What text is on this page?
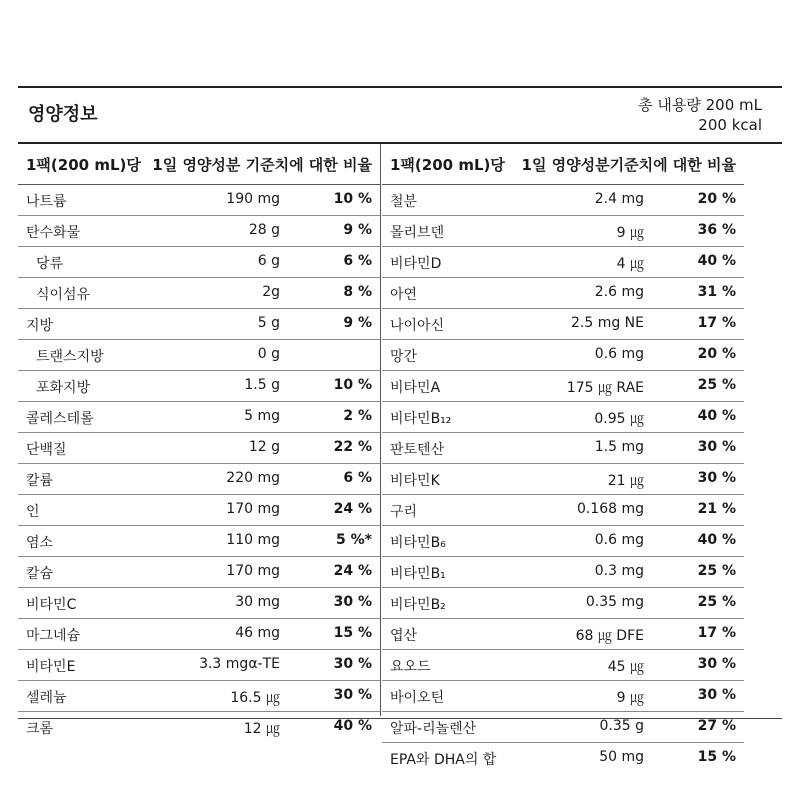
영양정보	총 내용량 200 mL
200 kcal
1팩(200 mL)당 1일 영양성분 기준치에 대한 비율
나트륨	190 mg	10 %
탄수화물	28 g	9 %
당류	6 g	6 %
식이섬유	2g	8 %
지방	5 g	9 %
트랜스지방	0 g
포화지방	1.5 g	10 %
콜레스테롤	5 mg	2 %
단백질	12 g	22 %
칼륨	220 mg	6 %
인	170 mg	24 %
염소	110 mg	5 %*
칼슘	170 mg	24 %
비타민C	30 mg	30 %
마그네슘	46 mg	15 %
비타민E	3.3 mgα-TE	30 %
셀레늄	16.5 ㎍	30 %
크롬	12 ㎍	40 %
1팩(200 mL)당 1일 영양성분기준치에 대한 비율
철분	2.4 mg	20 %
몰리브덴	9 ㎍	36 %
비타민D	4 ㎍	40 %
아연	2.6 mg	31 %
나이아신	2.5 mg NE	17 %
망간	0.6 mg	20 %
비타민A	175 ㎍ RAE	25 %
비타민B₁₂	0.95 ㎍	40 %
판토텐산	1.5 mg	30 %
비타민K	21 ㎍	30 %
구리	0.168 mg	21 %
비타민B₆	0.6 mg	40 %
비타민B₁	0.3 mg	25 %
비타민B₂	0.35 mg	25 %
엽산	68 ㎍ DFE	17 %
요오드	45 ㎍	30 %
바이오틴	9 ㎍	30 %
알파-리놀렌산	0.35 g	27 %
EPA와 DHA의 합	50 mg	15 %
